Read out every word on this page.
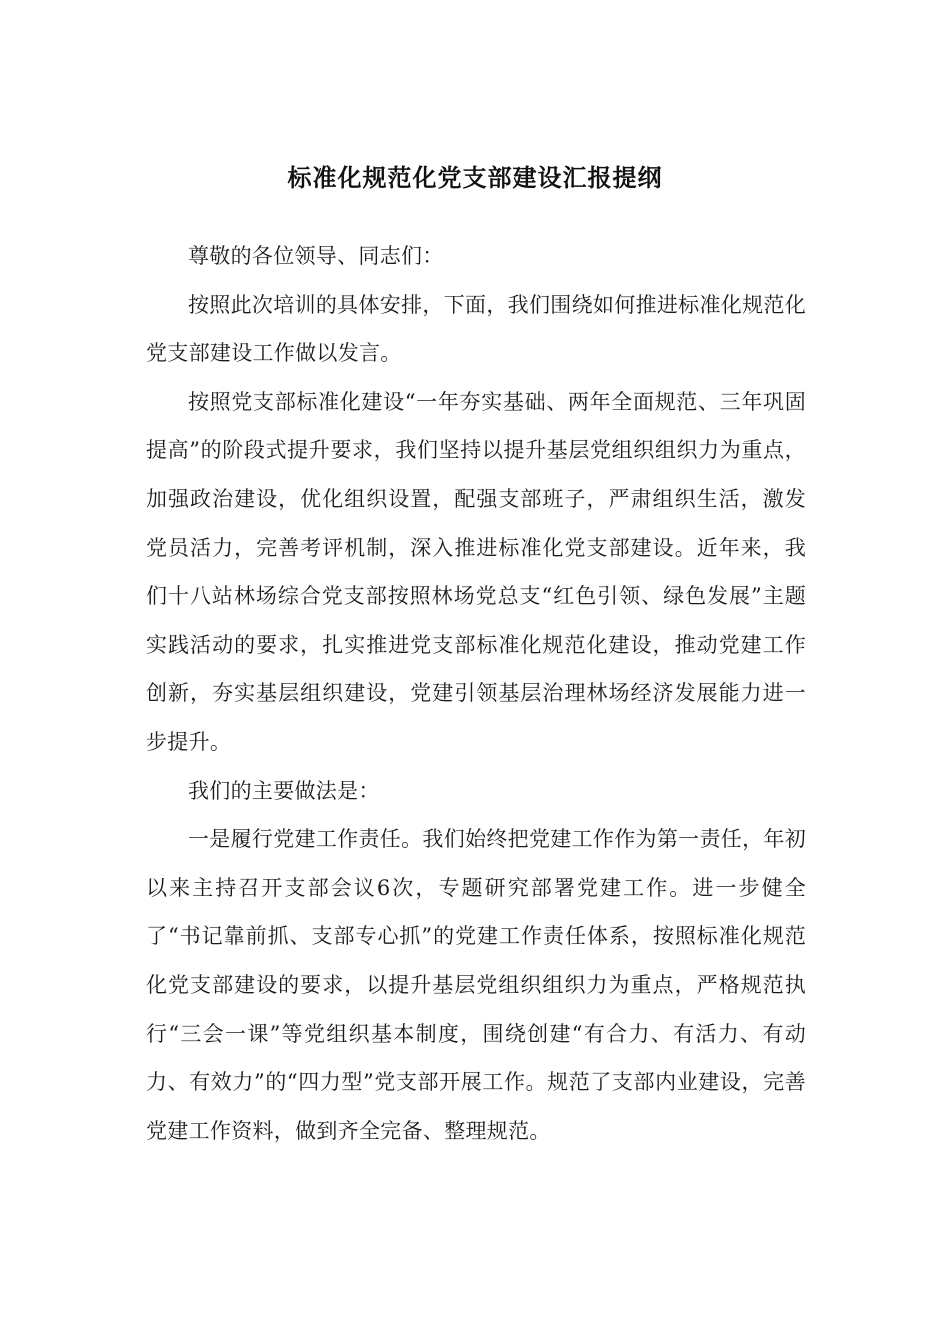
标准化规范化党支部建设汇报提纲

尊敬的各位领导、同志们：

按照此次培训的具体安排，下面，我们围绕如何推进标准化规范化党支部建设工作做以发言。

按照党支部标准化建设“一年夯实基础、两年全面规范、三年巩固提高”的阶段式提升要求，我们坚持以提升基层党组织组织力为重点，加强政治建设，优化组织设置，配强支部班子，严肃组织生活，激发党员活力，完善考评机制，深入推进标准化党支部建设。近年来，我们十八站林场综合党支部按照林场党总支“红色引领、绿色发展”主题实践活动的要求，扎实推进党支部标准化规范化建设，推动党建工作创新，夯实基层组织建设，党建引领基层治理林场经济发展能力进一步提升。

我们的主要做法是：

一是履行党建工作责任。我们始终把党建工作作为第一责任，年初以来主持召开支部会议6次，专题研究部署党建工作。进一步健全了“书记靠前抓、支部专心抓”的党建工作责任体系，按照标准化规范化党支部建设的要求，以提升基层党组织组织力为重点，严格规范执行“三会一课”等党组织基本制度，围绕创建“有合力、有活力、有动力、有效力”的“四力型”党支部开展工作。规范了支部内业建设，完善党建工作资料，做到齐全完备、整理规范。
